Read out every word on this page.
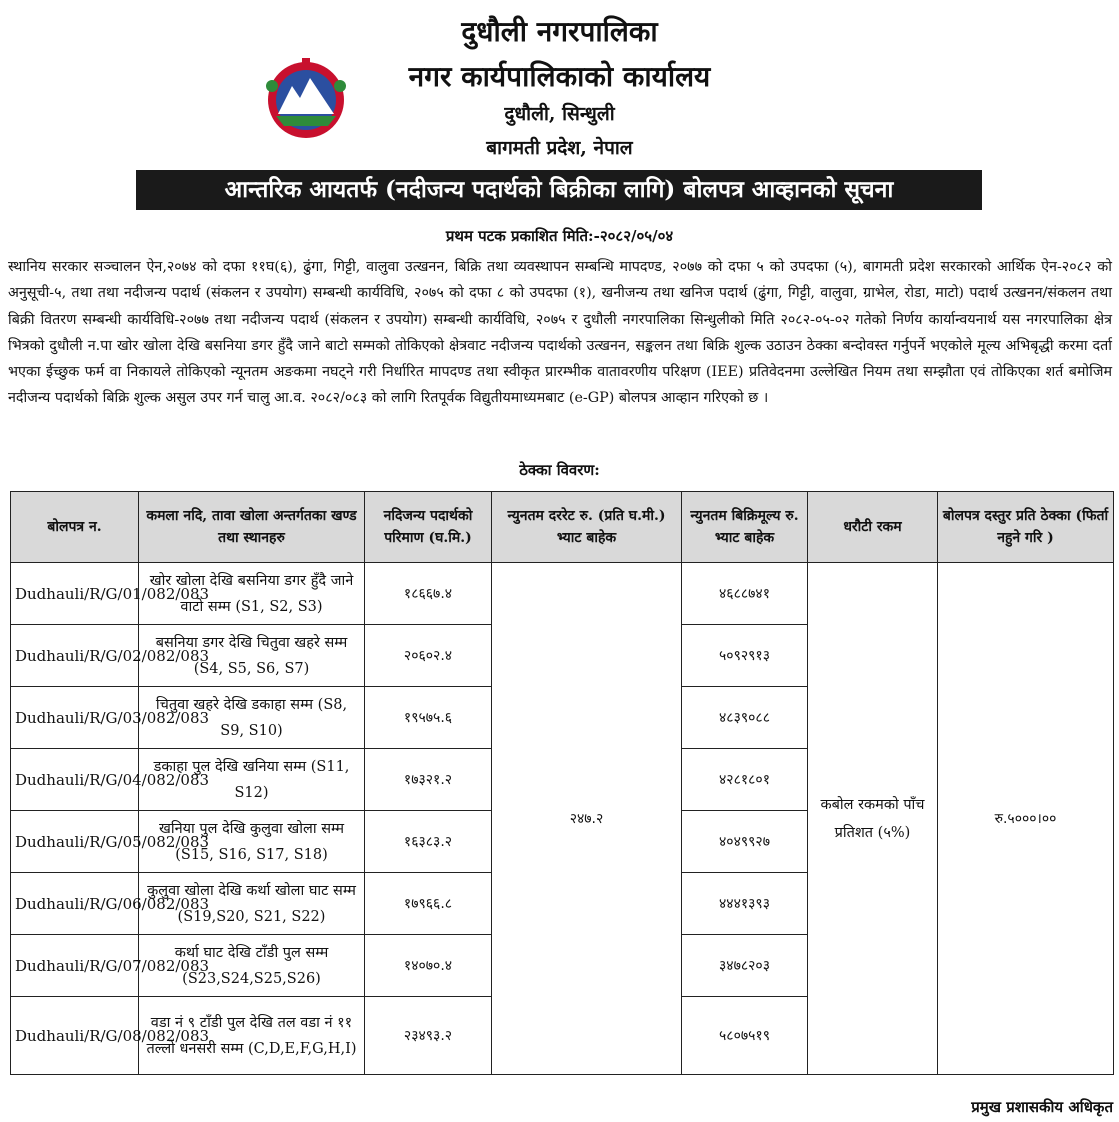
दुधौली नगरपालिका
नगर कार्यपालिकाको कार्यालय
दुधौली, सिन्धुली
बागमती प्रदेश, नेपाल
आन्तरिक आयतर्फ (नदीजन्य पदार्थको बिक्रीका लागि) बोलपत्र आव्हानको सूचना
प्रथम पटक प्रकाशित मिति:-२०८२/०५/०४
स्थानिय सरकार सञ्चालन ऐन,२०७४ को दफा ११घ(६), ढुंगा, गिट्टी, वालुवा उत्खनन, बिक्रि तथा व्यवस्थापन सम्बन्धि मापदण्ड, २०७७ को दफा ५ को उपदफा (५), बागमती प्रदेश सरकारको आर्थिक ऐन-२०८२ को अनुसूची-५, तथा तथा नदीजन्य पदार्थ (संकलन र उपयोग) सम्बन्धी कार्यविधि, २०७५ को दफा ८ को उपदफा (१), खनीजन्य तथा खनिज पदार्थ (ढुंगा, गिट्टी, वालुवा, ग्राभेल, रोडा, माटो) पदार्थ उत्खनन/संकलन तथा बिक्री वितरण सम्बन्धी कार्यविधि-२०७७ तथा नदीजन्य पदार्थ (संकलन र उपयोग) सम्बन्धी कार्यविधि, २०७५ र दुधौली नगरपालिका सिन्धुलीको मिति २०८२-०५-०२ गतेको निर्णय कार्यान्वयनार्थ यस नगरपालिका क्षेत्र भित्रको दुधौली न.पा खोर खोला देखि बसनिया डगर हुँदै जाने बाटो सम्मको तोकिएको क्षेत्रवाट नदीजन्य पदार्थको उत्खनन, सङ्कलन तथा बिक्रि शुल्क उठाउन ठेक्का बन्दोवस्त गर्नुपर्ने भएकोले मूल्य अभिबृद्धी करमा दर्ता भएका ईच्छुक फर्म वा निकायले तोकिएको न्यूनतम अङकमा नघट्ने गरी निर्धारित मापदण्ड तथा स्वीकृत प्रारम्भीक वातावरणीय परिक्षण (IEE) प्रतिवेदनमा उल्लेखित नियम तथा सम्झौता एवं तोकिएका शर्त बमोजिम नदीजन्य पदार्थको बिक्रि शुल्क असुल उपर गर्न चालु आ.व. २०८२/०८३ को लागि रितपूर्वक विद्युतीयमाध्यमबाट (e-GP) बोलपत्र आव्हान गरिएको छ ।
ठेक्का विवरण:
बोलपत्र न.	कमला नदि, तावा खोला अन्तर्गतका खण्ड तथा स्थानहरु	नदिजन्य पदार्थको परिमाण (घ.मि.)	न्युनतम दररेट रु. (प्रति घ.मी.) भ्याट बाहेक	न्युनतम बिक्रिमूल्य रु. भ्याट बाहेक	धरौटी रकम	बोलपत्र दस्तुर प्रति ठेक्का (फिर्ता नहुने गरि )
Dudhauli/R/G/01/082/083	खोर खोला देखि बसनिया डगर हुँदै जाने वाटो सम्म (S1, S2, S3)	१८६६७.४	२४७.२	४६८८७४१	कबोल रकमको पाँच प्रतिशत (५%)	रु.५०००।००
Dudhauli/R/G/02/082/083	बसनिया डगर देखि चितुवा खहरे सम्म (S4, S5, S6, S7)	२०६०२.४		५०९२९१३		
Dudhauli/R/G/03/082/083	चितुवा खहरे देखि डकाहा सम्म (S8, S9, S10)	१९५७५.६		४८३९०८८		
Dudhauli/R/G/04/082/083	डकाहा पुल देखि खनिया सम्म (S11, S12)	१७३२१.२		४२८१८०१		
Dudhauli/R/G/05/082/083	खनिया पुल देखि कुलुवा खोला सम्म (S15, S16, S17, S18)	१६३८३.२		४०४९९२७		
Dudhauli/R/G/06/082/083	कुलुवा खोला देखि कर्था खोला घाट सम्म (S19,S20, S21, S22)	१७९६६.८		४४४१३९३		
Dudhauli/R/G/07/082/083	कर्था घाट देखि टाँडी पुल सम्म (S23,S24,S25,S26)	१४०७०.४		३४७८२०३		
Dudhauli/R/G/08/082/083	वडा नं ९ टाँडी पुल देखि तल वडा नं ११ तल्लो धनसरी सम्म (C,D,E,F,G,H,I)	२३४९३.२		५८०७५१९		
प्रमुख प्रशासकीय अधिकृत
